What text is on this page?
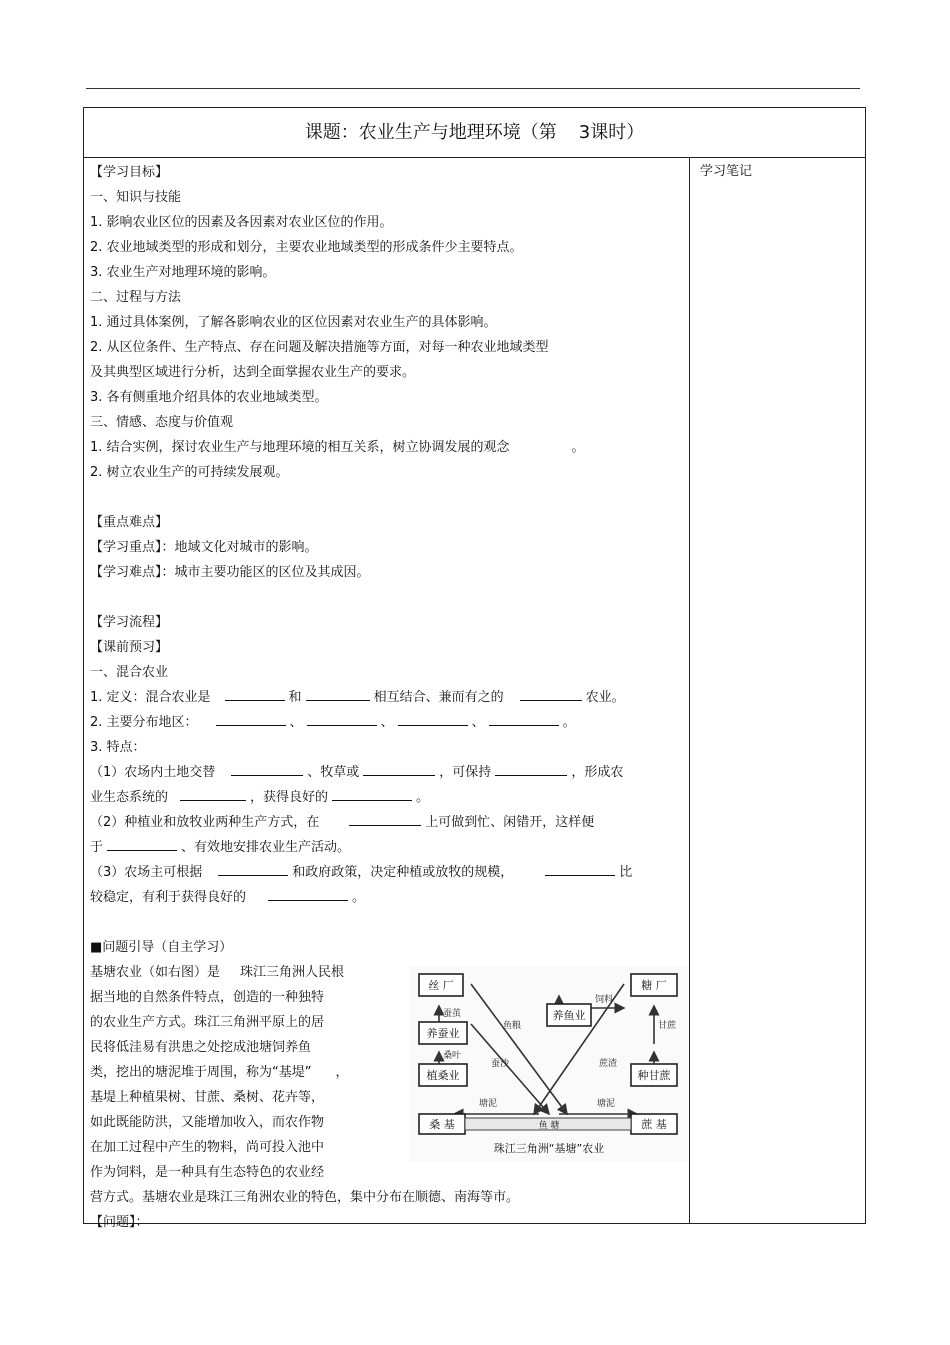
课题：农业生产与地理环境（第 3课时）
学习笔记
【学习目标】
一、知识与技能
1. 影响农业区位的因素及各因素对农业区位的作用。
2. 农业地域类型的形成和划分，主要农业地域类型的形成条件少主要特点。
3. 农业生产对地理环境的影响。
二、过程与方法
1. 通过具体案例，了解各影响农业的区位因素对农业生产的具体影响。
2. 从区位条件、生产特点、存在问题及解决措施等方面，对每一种农业地域类型
及其典型区域进行分析，达到全面掌握农业生产的要求。
3. 各有侧重地介绍具体的农业地域类型。
三、情感、态度与价值观
1. 结合实例，探讨农业生产与地理环境的相互关系，树立协调发展的观念	。
2. 树立农业生产的可持续发展观。
【重点难点】
【学习重点】：地域文化对城市的影响。
【学习难点】：城市主要功能区的区位及其成因。
【学习流程】
【课前预习】
一、混合农业
1. 定义：混合农业是	和	相互结合、兼而有之的	农业。
2. 主要分布地区：	、	、	、	。
3. 特点：
（1）农场内土地交替	、牧草或	，可保持	，形成农
业生态系统的	，获得良好的	。
（2）种植业和放牧业两种生产方式，在	上可做到忙、闲错开，这样便
于	、有效地安排农业生产活动。
（3）农场主可根据	和政府政策，决定种植或放牧的规模，	比
较稳定，有利于获得良好的	。
■问题引导（自主学习）
基塘农业（如右图）是 珠江三角洲人民根
据当地的自然条件特点，创造的一种独特
的农业生产方式。珠江三角洲平原上的居
民将低洼易有洪患之处挖成池塘饲养鱼
类，挖出的塘泥堆于周围，称为“基堤” ，
基堤上种植果树、甘蔗、桑树、花卉等，
如此既能防洪，又能增加收入，而农作物
在加工过程中产生的物料，尚可投入池中
作为饲料，是一种具有生态特色的农业经
营方式。基塘农业是珠江三角洲农业的特色，集中分布在顺德、南海等市。
【问题】：
丝 厂	糖 厂
养蚕业
养鱼业
植桑业	种甘蔗
桑 基	蔗 基
鱼 塘
蚕茧
桑叶
甘蔗
鱼粮
塘泥	塘泥
蚕沙	蔗渣
饲料
珠江三角洲“基塘”农业
